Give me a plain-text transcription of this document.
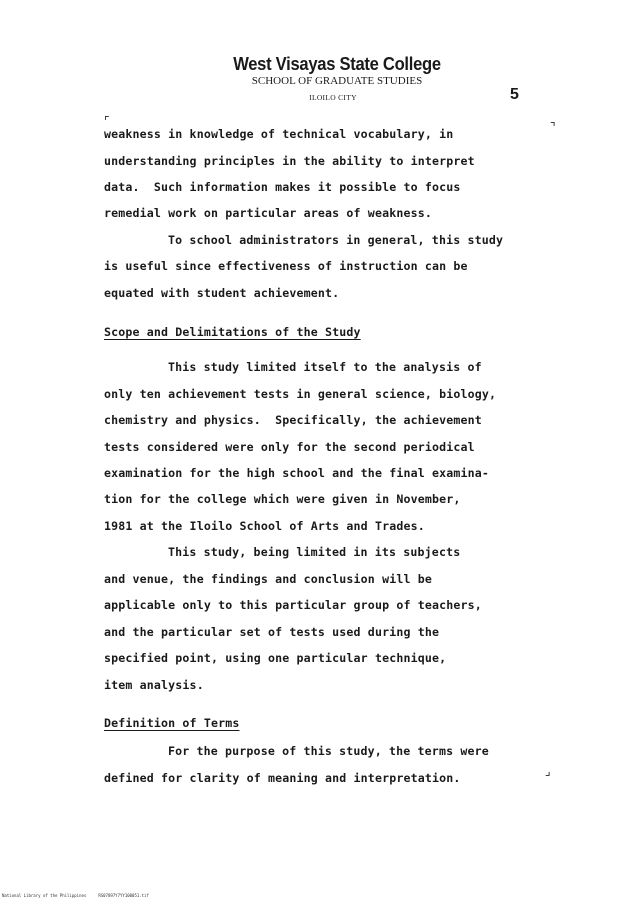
West Visayas State College
SCHOOL OF GRADUATE STUDIES
ILOILO CITY	5
⌜	⌝
⌟
weakness in knowledge of technical vocabulary, in
understanding principles in the ability to interpret
data.  Such information makes it possible to focus
remedial work on particular areas of weakness.
To school administrators in general, this study
is useful since effectiveness of instruction can be
equated with student achievement.
Scope and Delimitations of the Study
This study limited itself to the analysis of
only ten achievement tests in general science, biology,
chemistry and physics.  Specifically, the achievement
tests considered were only for the second periodical
examination for the high school and the final examina-
tion for the college which were given in November,
1981 at the Iloilo School of Arts and Trades.
This study, being limited in its subjects
and venue, the findings and conclusion will be
applicable only to this particular group of teachers,
and the particular set of tests used during the
specified point, using one particular technique,
item analysis.
Definition of Terms
For the purpose of this study, the terms were
defined for clarity of meaning and interpretation.
National Library of the Philippines     RS07897Y7YY100051.tif
